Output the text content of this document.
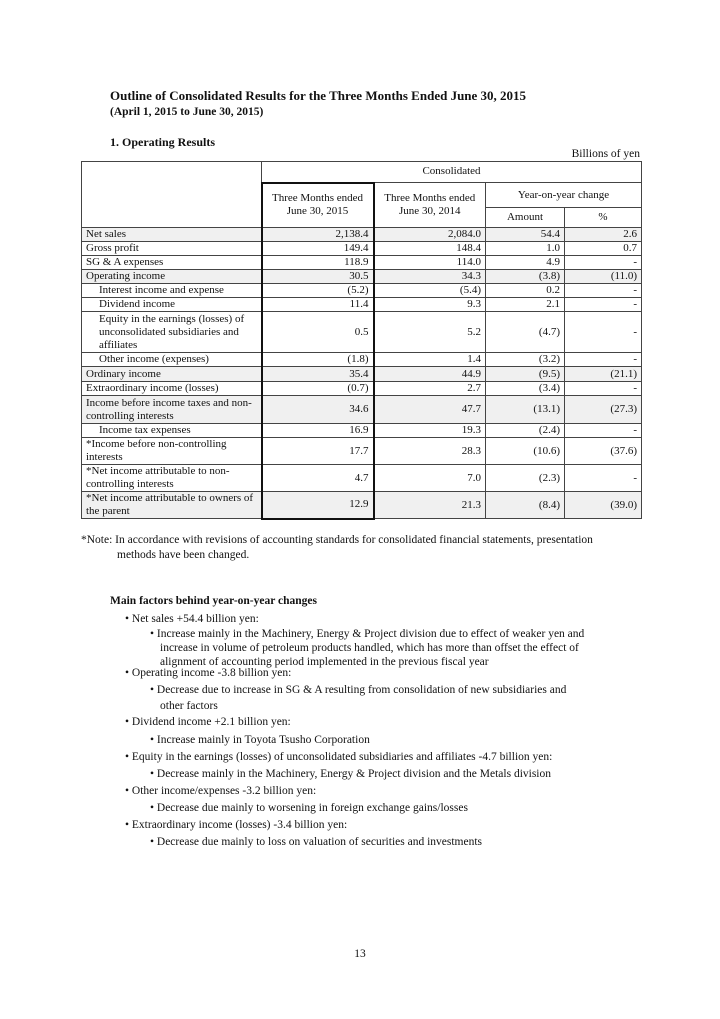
Outline of Consolidated Results for the Three Months Ended June 30, 2015
(April 1, 2015 to June 30, 2015)
1. Operating Results
Billions of yen
	Consolidated			
	Three Months ended June 30, 2015	Three Months ended June 30, 2014	Year-on-year change	
			Amount	%
Net sales	2,138.4	2,084.0	54.4	2.6
Gross profit	149.4	148.4	1.0	0.7
SG & A expenses	118.9	114.0	4.9	-
Operating income	30.5	34.3	(3.8)	(11.0)
Interest income and expense	(5.2)	(5.4)	0.2	-
Dividend income	11.4	9.3	2.1	-
Equity in the earnings (losses) of unconsolidated subsidiaries and affiliates	0.5	5.2	(4.7)	-
Other income (expenses)	(1.8)	1.4	(3.2)	-
Ordinary income	35.4	44.9	(9.5)	(21.1)
Extraordinary income (losses)	(0.7)	2.7	(3.4)	-
Income before income taxes and non-controlling interests	34.6	47.7	(13.1)	(27.3)
Income tax expenses	16.9	19.3	(2.4)	-
*Income before non-controlling interests	17.7	28.3	(10.6)	(37.6)
*Net income attributable to non-controlling interests	4.7	7.0	(2.3)	-
*Net income attributable to owners of the parent	12.9	21.3	(8.4)	(39.0)
*Note: In accordance with revisions of accounting standards for consolidated financial statements, presentation
methods have been changed.
Main factors behind year-on-year changes
• Net sales +54.4 billion yen:
• Increase mainly in the Machinery, Energy & Project division due to effect of weaker yen and
increase in volume of petroleum products handled, which has more than offset the effect of
alignment of accounting period implemented in the previous fiscal year
• Operating income -3.8 billion yen:
• Decrease due to increase in SG & A resulting from consolidation of new subsidiaries and
other factors
• Dividend income +2.1 billion yen:
• Increase mainly in Toyota Tsusho Corporation
• Equity in the earnings (losses) of unconsolidated subsidiaries and affiliates -4.7 billion yen:
• Decrease mainly in the Machinery, Energy & Project division and the Metals division
• Other income/expenses -3.2 billion yen:
• Decrease due mainly to worsening in foreign exchange gains/losses
• Extraordinary income (losses) -3.4 billion yen:
• Decrease due mainly to loss on valuation of securities and investments
13
